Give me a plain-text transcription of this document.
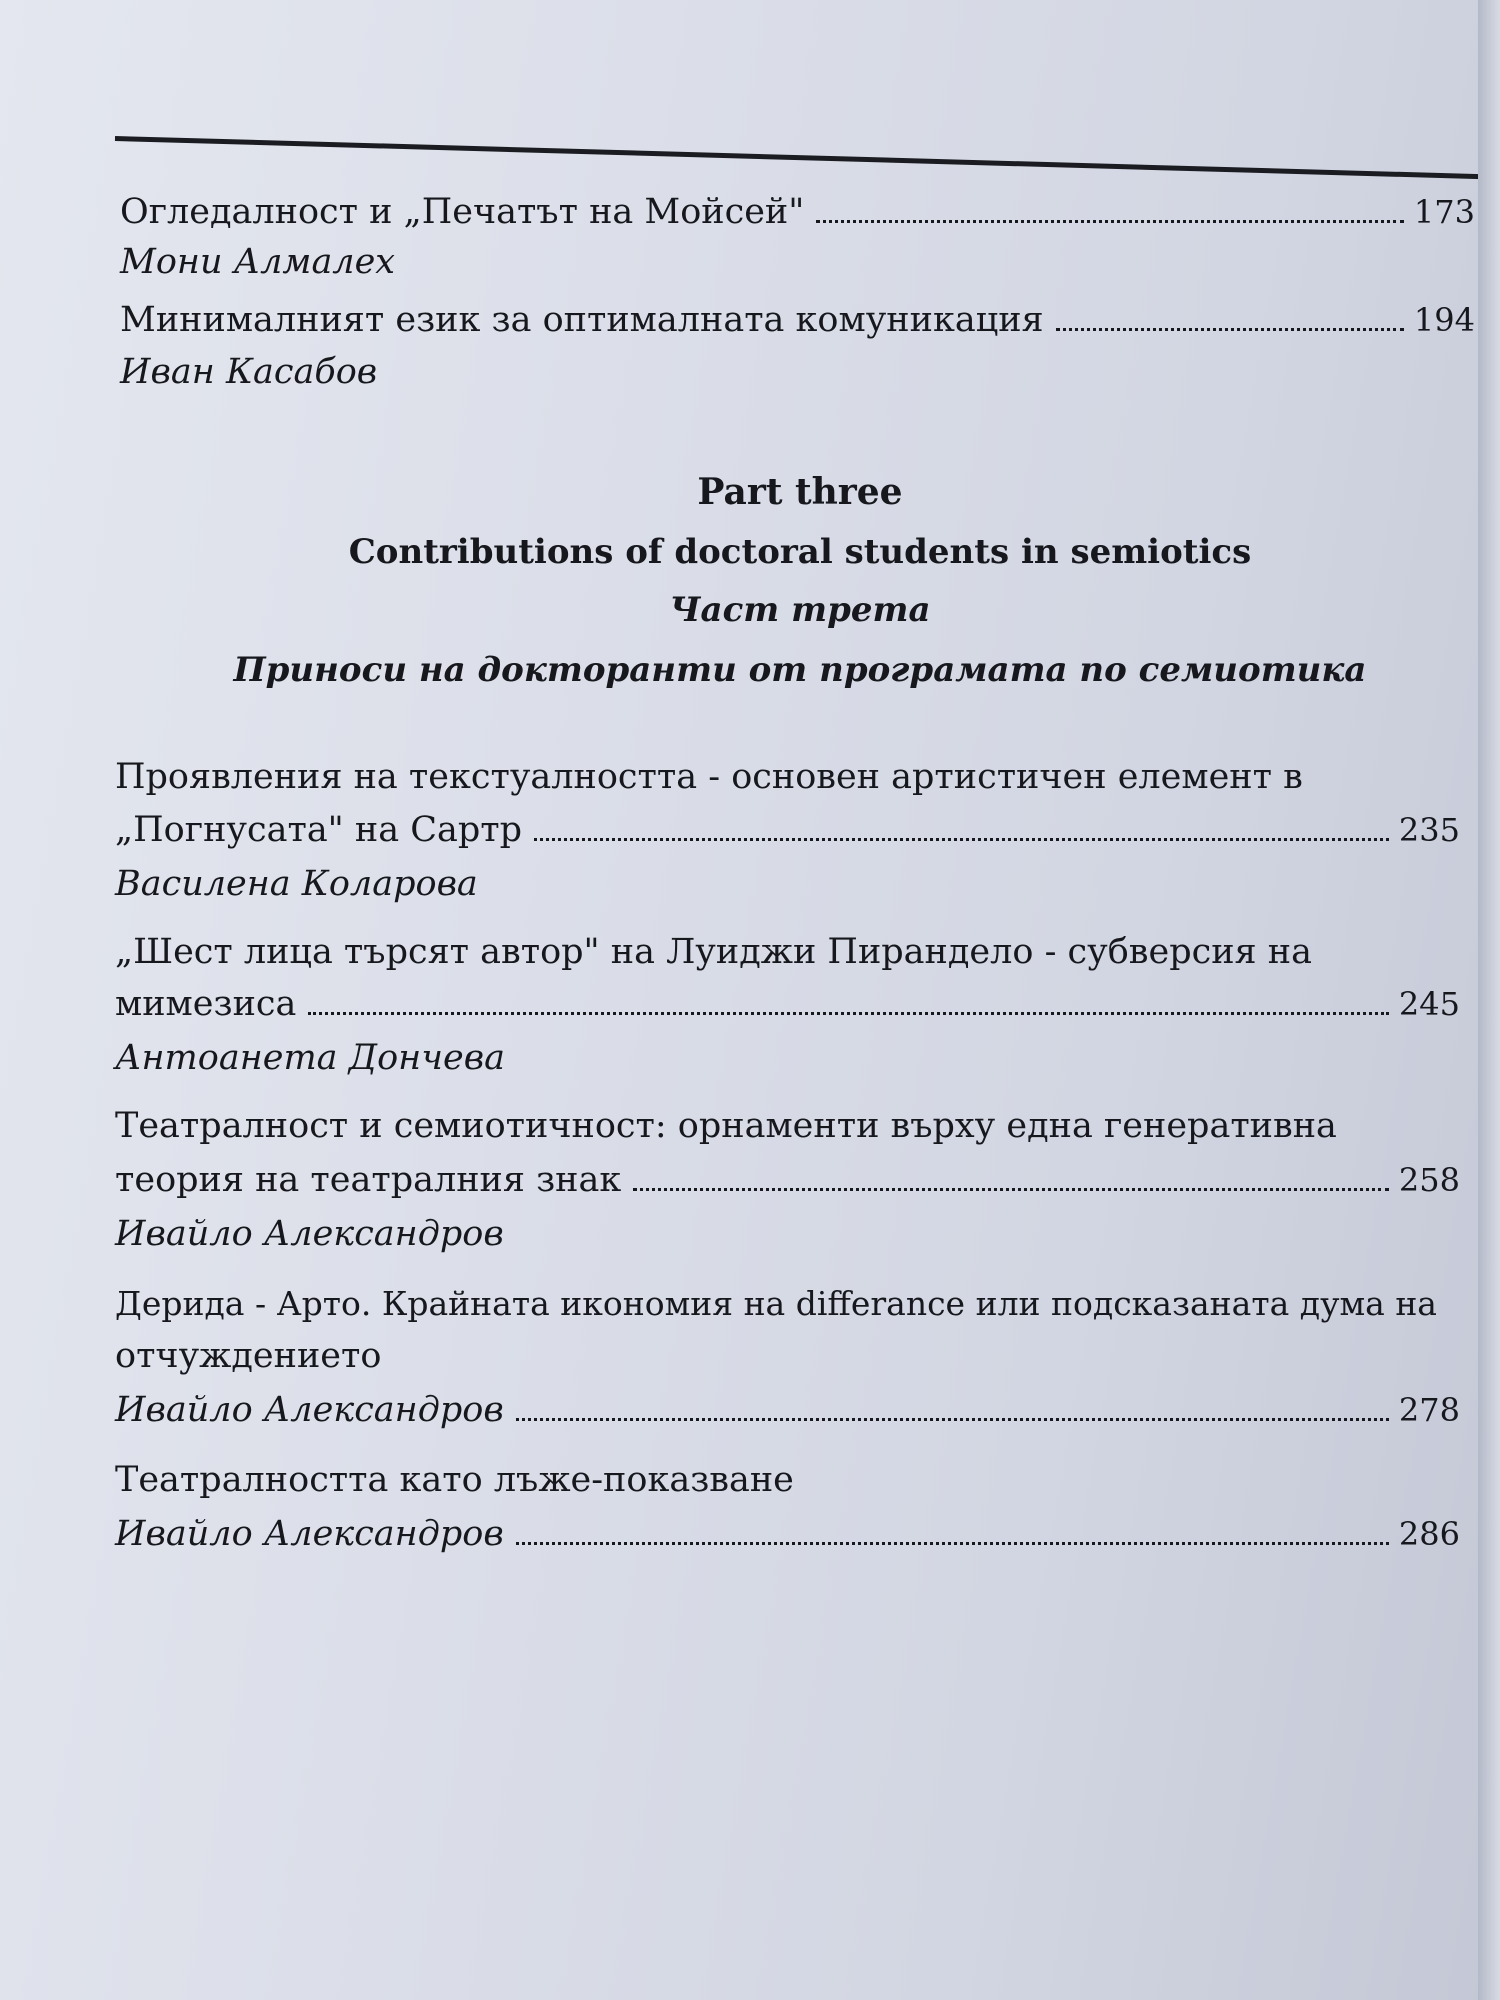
Огледалност и „Печатът на Мойсей"	173
Мони Алмалех
Минималният език за оптималната комуникация	194
Иван Касабов
Part three
Contributions of doctoral students in semiotics
Част трета
Приноси на докторанти от програмата по семиотика
Проявления на текстуалността - основен артистичен елемент в
„Погнусата" на Сартр	235
Василена Коларова
„Шест лица търсят автор" на Луиджи Пирандело - субверсия на
мимезиса	245
Антоанета Дончева
Театралност и семиотичност: орнаменти върху една генеративна
теория на театралния знак	258
Ивайло Александров
Дерида - Арто. Крайната икономия на differance или подсказаната дума на
отчуждението
Ивайло Александров	278
Театралността като лъже-показване
Ивайло Александров	286
